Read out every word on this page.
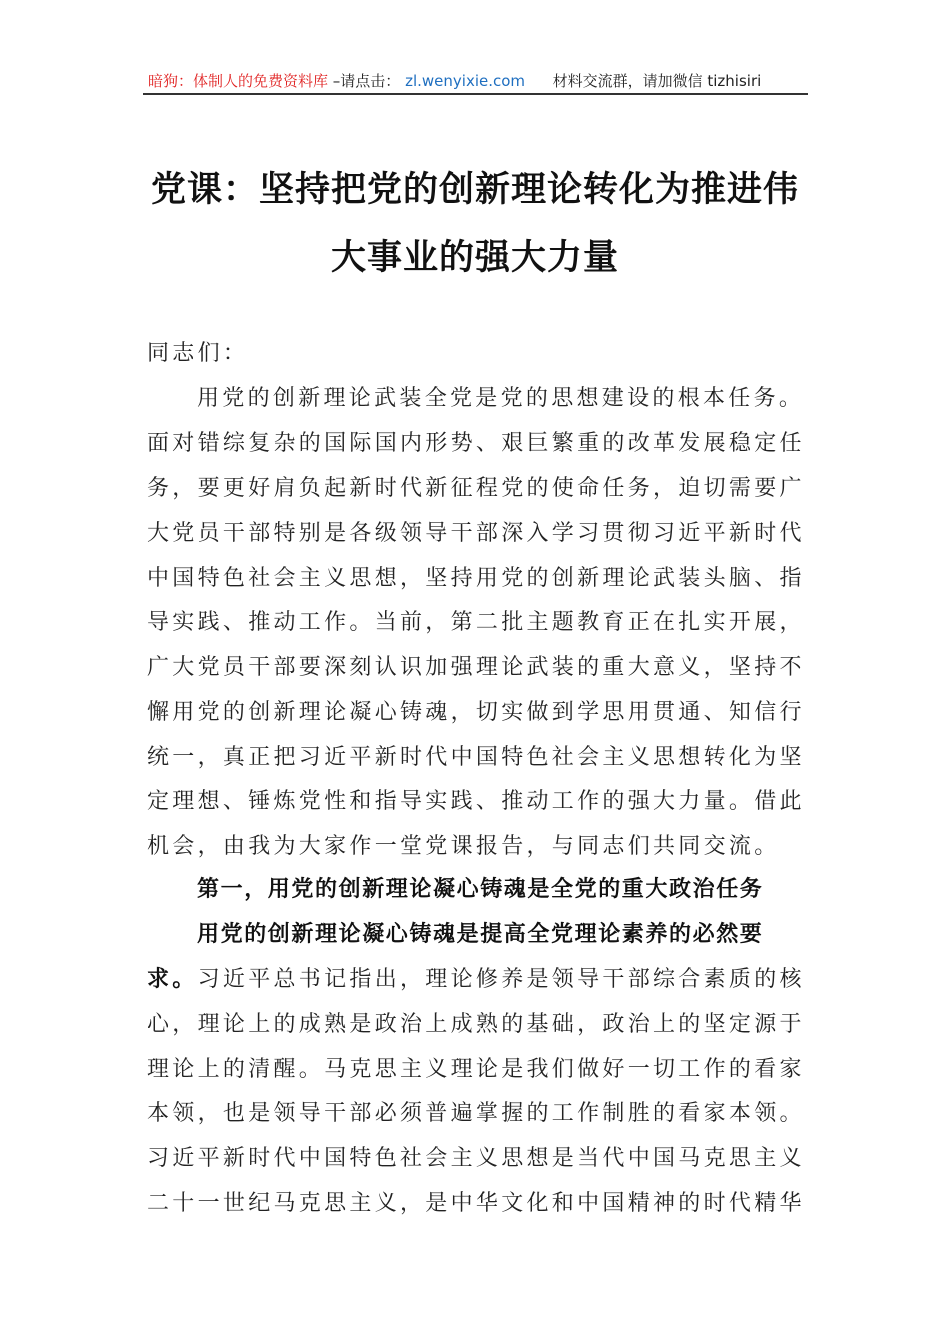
暗狗：体制人的免费资料库 –请点击： zl.wenyixie.com 材料交流群，请加微信 tizhisiri
党课：坚持把党的创新理论转化为推进伟
大事业的强大力量
同志们：
用党的创新理论武装全党是党的思想建设的根本任务。
面对错综复杂的国际国内形势、艰巨繁重的改革发展稳定任
务，要更好肩负起新时代新征程党的使命任务，迫切需要广
大党员干部特别是各级领导干部深入学习贯彻习近平新时代
中国特色社会主义思想，坚持用党的创新理论武装头脑、指
导实践、推动工作。当前，第二批主题教育正在扎实开展，
广大党员干部要深刻认识加强理论武装的重大意义，坚持不
懈用党的创新理论凝心铸魂，切实做到学思用贯通、知信行
统一，真正把习近平新时代中国特色社会主义思想转化为坚
定理想、锤炼党性和指导实践、推动工作的强大力量。借此
机会，由我为大家作一堂党课报告，与同志们共同交流。
第一，用党的创新理论凝心铸魂是全党的重大政治任务
用党的创新理论凝心铸魂是提高全党理论素养的必然要
求。习近平总书记指出，理论修养是领导干部综合素质的核
心，理论上的成熟是政治上成熟的基础，政治上的坚定源于
理论上的清醒。马克思主义理论是我们做好一切工作的看家
本领，也是领导干部必须普遍掌握的工作制胜的看家本领。
习近平新时代中国特色社会主义思想是当代中国马克思主义
二十一世纪马克思主义，是中华文化和中国精神的时代精华
